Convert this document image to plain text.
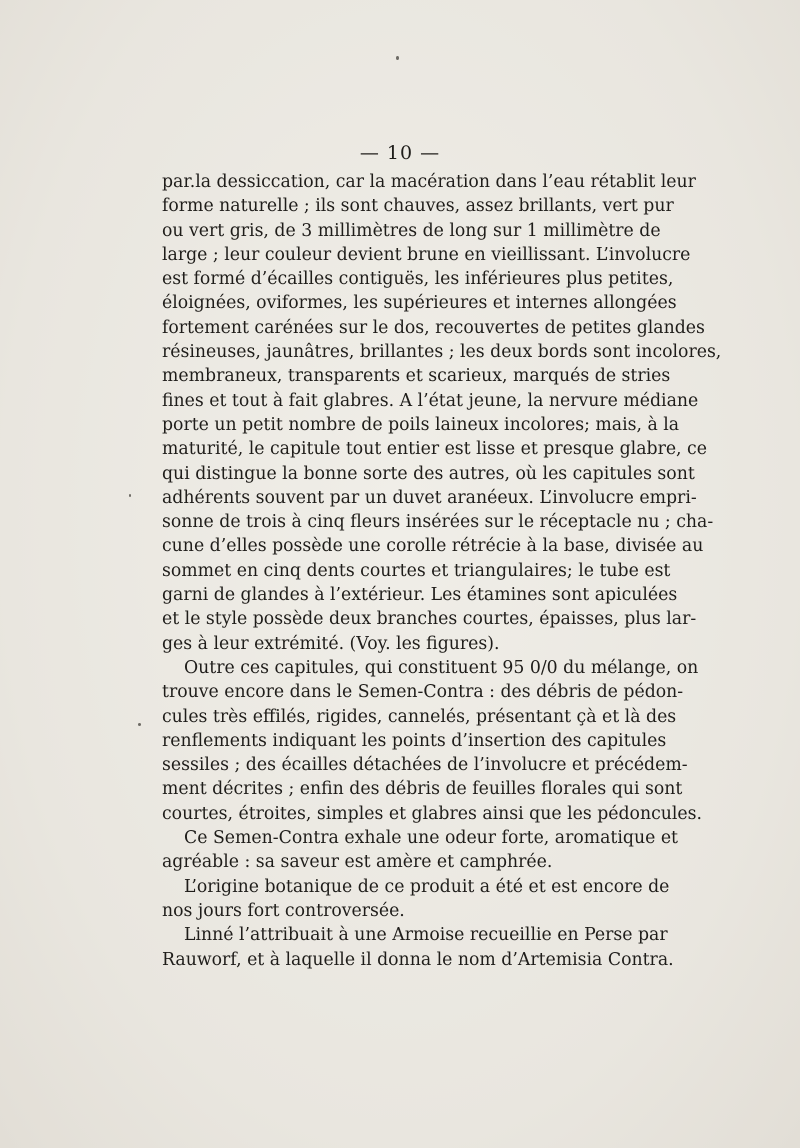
— 10 —
par.la dessiccation, car la macération dans l’eau rétablit leur
forme naturelle ; ils sont chauves, assez brillants, vert pur
ou vert gris, de 3 millimètres de long sur 1 millimètre de
large ; leur couleur devient brune en vieillissant. L’involucre
est formé d’écailles contiguës, les inférieures plus petites,
éloignées, oviformes, les supérieures et internes allongées
fortement carénées sur le dos, recouvertes de petites glandes
résineuses, jaunâtres, brillantes ; les deux bords sont incolores,
membraneux, transparents et scarieux, marqués de stries
fines et tout à fait glabres. A l’état jeune, la nervure médiane
porte un petit nombre de poils laineux incolores; mais, à la
maturité, le capitule tout entier est lisse et presque glabre, ce
qui distingue la bonne sorte des autres, où les capitules sont
adhérents souvent par un duvet aranéeux. L’involucre empri-
sonne de trois à cinq fleurs insérées sur le réceptacle nu ; cha-
cune d’elles possède une corolle rétrécie à la base, divisée au
sommet en cinq dents courtes et triangulaires; le tube est
garni de glandes à l’extérieur. Les étamines sont apiculées
et le style possède deux branches courtes, épaisses, plus lar-
ges à leur extrémité. (Voy. les figures).
Outre ces capitules, qui constituent 95 0/0 du mélange, on
trouve encore dans le Semen-Contra : des débris de pédon-
cules très effilés, rigides, cannelés, présentant çà et là des
renflements indiquant les points d’insertion des capitules
sessiles ; des écailles détachées de l’involucre et précédem-
ment décrites ; enfin des débris de feuilles florales qui sont
courtes, étroites, simples et glabres ainsi que les pédoncules.
Ce Semen-Contra exhale une odeur forte, aromatique et
agréable : sa saveur est amère et camphrée.
L’origine botanique de ce produit a été et est encore de
nos jours fort controversée.
Linné l’attribuait à une Armoise recueillie en Perse par
Rauworf, et à laquelle il donna le nom d’Artemisia Contra.
